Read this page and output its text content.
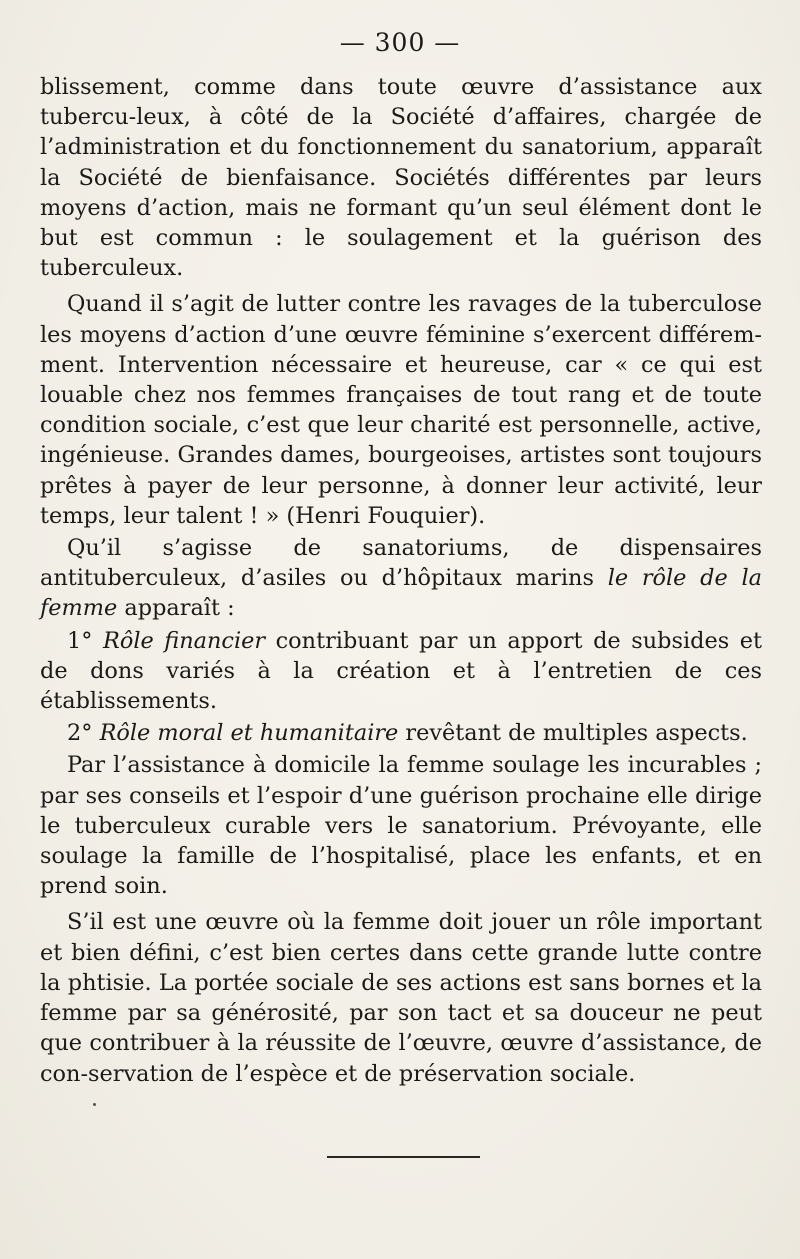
— 300 —

blissement, comme dans toute œuvre d’assistance aux tubercu-leux, à côté de la Société d’affaires, chargée de l’administration et du fonctionnement du sanatorium, apparaît la Société de bienfaisance. Sociétés différentes par leurs moyens d’action, mais ne formant qu’un seul élément dont le but est commun : le soulagement et la guérison des tuberculeux.

Quand il s’agit de lutter contre les ravages de la tuberculose les moyens d’action d’une œuvre féminine s’exercent différem-ment. Intervention nécessaire et heureuse, car « ce qui est louable chez nos femmes françaises de tout rang et de toute condition sociale, c’est que leur charité est personnelle, active, ingénieuse. Grandes dames, bourgeoises, artistes sont toujours prêtes à payer de leur personne, à donner leur activité, leur temps, leur talent ! » (Henri Fouquier).

Qu’il s’agisse de sanatoriums, de dispensaires antituberculeux, d’asiles ou d’hôpitaux marins le rôle de la femme apparaît :

1° Rôle financier contribuant par un apport de subsides et de dons variés à la création et à l’entretien de ces établissements.

2° Rôle moral et humanitaire revêtant de multiples aspects.

Par l’assistance à domicile la femme soulage les incurables ; par ses conseils et l’espoir d’une guérison prochaine elle dirige le tuberculeux curable vers le sanatorium. Prévoyante, elle soulage la famille de l’hospitalisé, place les enfants, et en prend soin.

S’il est une œuvre où la femme doit jouer un rôle important et bien défini, c’est bien certes dans cette grande lutte contre la phtisie. La portée sociale de ses actions est sans bornes et la femme par sa générosité, par son tact et sa douceur ne peut que contribuer à la réussite de l’œuvre, œuvre d’assistance, de con-servation de l’espèce et de préservation sociale.
